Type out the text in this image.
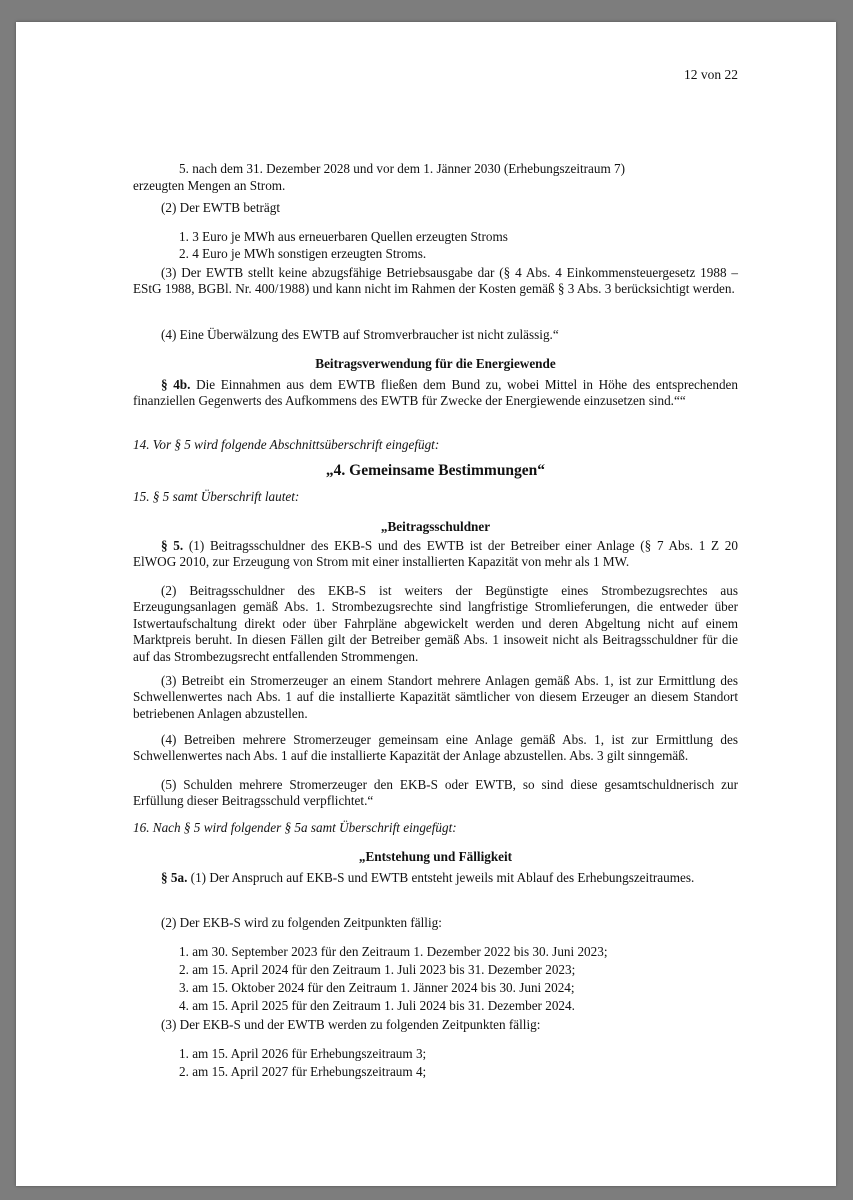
12 von 22

5. nach dem 31. Dezember 2028 und vor dem 1. Jänner 2030 (Erhebungszeitraum 7)

erzeugten Mengen an Strom.

(2) Der EWTB beträgt

1. 3 Euro je MWh aus erneuerbaren Quellen erzeugten Stroms

2. 4 Euro je MWh sonstigen erzeugten Stroms.

(3) Der EWTB stellt keine abzugsfähige Betriebsausgabe dar (§ 4 Abs. 4 Einkommensteuergesetz 1988 – EStG 1988, BGBl. Nr. 400/1988) und kann nicht im Rahmen der Kosten gemäß § 3 Abs. 3 berücksichtigt werden.

(4) Eine Überwälzung des EWTB auf Stromverbraucher ist nicht zulässig.“

Beitragsverwendung für die Energiewende

§ 4b. Die Einnahmen aus dem EWTB fließen dem Bund zu, wobei Mittel in Höhe des entsprechenden finanziellen Gegenwerts des Aufkommens des EWTB für Zwecke der Energiewende einzusetzen sind.““

14. Vor § 5 wird folgende Abschnittsüberschrift eingefügt:

„4. Gemeinsame Bestimmungen“

15. § 5 samt Überschrift lautet:

„Beitragsschuldner

§ 5. (1) Beitragsschuldner des EKB-S und des EWTB ist der Betreiber einer Anlage (§ 7 Abs. 1 Z 20 ElWOG 2010, zur Erzeugung von Strom mit einer installierten Kapazität von mehr als 1 MW.

(2) Beitragsschuldner des EKB-S ist weiters der Begünstigte eines Strombezugsrechtes aus Erzeugungsanlagen gemäß Abs. 1. Strombezugsrechte sind langfristige Stromlieferungen, die entweder über Istwertaufschaltung direkt oder über Fahrpläne abgewickelt werden und deren Abgeltung nicht auf einem Marktpreis beruht. In diesen Fällen gilt der Betreiber gemäß Abs. 1 insoweit nicht als Beitragsschuldner für die auf das Strombezugsrecht entfallenden Strommengen.

(3) Betreibt ein Stromerzeuger an einem Standort mehrere Anlagen gemäß Abs. 1, ist zur Ermittlung des Schwellenwertes nach Abs. 1 auf die installierte Kapazität sämtlicher von diesem Erzeuger an diesem Standort betriebenen Anlagen abzustellen.

(4) Betreiben mehrere Stromerzeuger gemeinsam eine Anlage gemäß Abs. 1, ist zur Ermittlung des Schwellenwertes nach Abs. 1 auf die installierte Kapazität der Anlage abzustellen. Abs. 3 gilt sinngemäß.

(5) Schulden mehrere Stromerzeuger den EKB-S oder EWTB, so sind diese gesamtschuldnerisch zur Erfüllung dieser Beitragsschuld verpflichtet.“

16. Nach § 5 wird folgender § 5a samt Überschrift eingefügt:

„Entstehung und Fälligkeit

§ 5a. (1) Der Anspruch auf EKB-S und EWTB entsteht jeweils mit Ablauf des Erhebungszeitraumes.

(2) Der EKB-S wird zu folgenden Zeitpunkten fällig:

1. am 30. September 2023 für den Zeitraum 1. Dezember 2022 bis 30. Juni 2023;

2. am 15. April 2024 für den Zeitraum 1. Juli 2023 bis 31. Dezember 2023;

3. am 15. Oktober 2024 für den Zeitraum 1. Jänner 2024 bis 30. Juni 2024;

4. am 15. April 2025 für den Zeitraum 1. Juli 2024 bis 31. Dezember 2024.

(3) Der EKB-S und der EWTB werden zu folgenden Zeitpunkten fällig:

1. am 15. April 2026 für Erhebungszeitraum 3;

2. am 15. April 2027 für Erhebungszeitraum 4;
